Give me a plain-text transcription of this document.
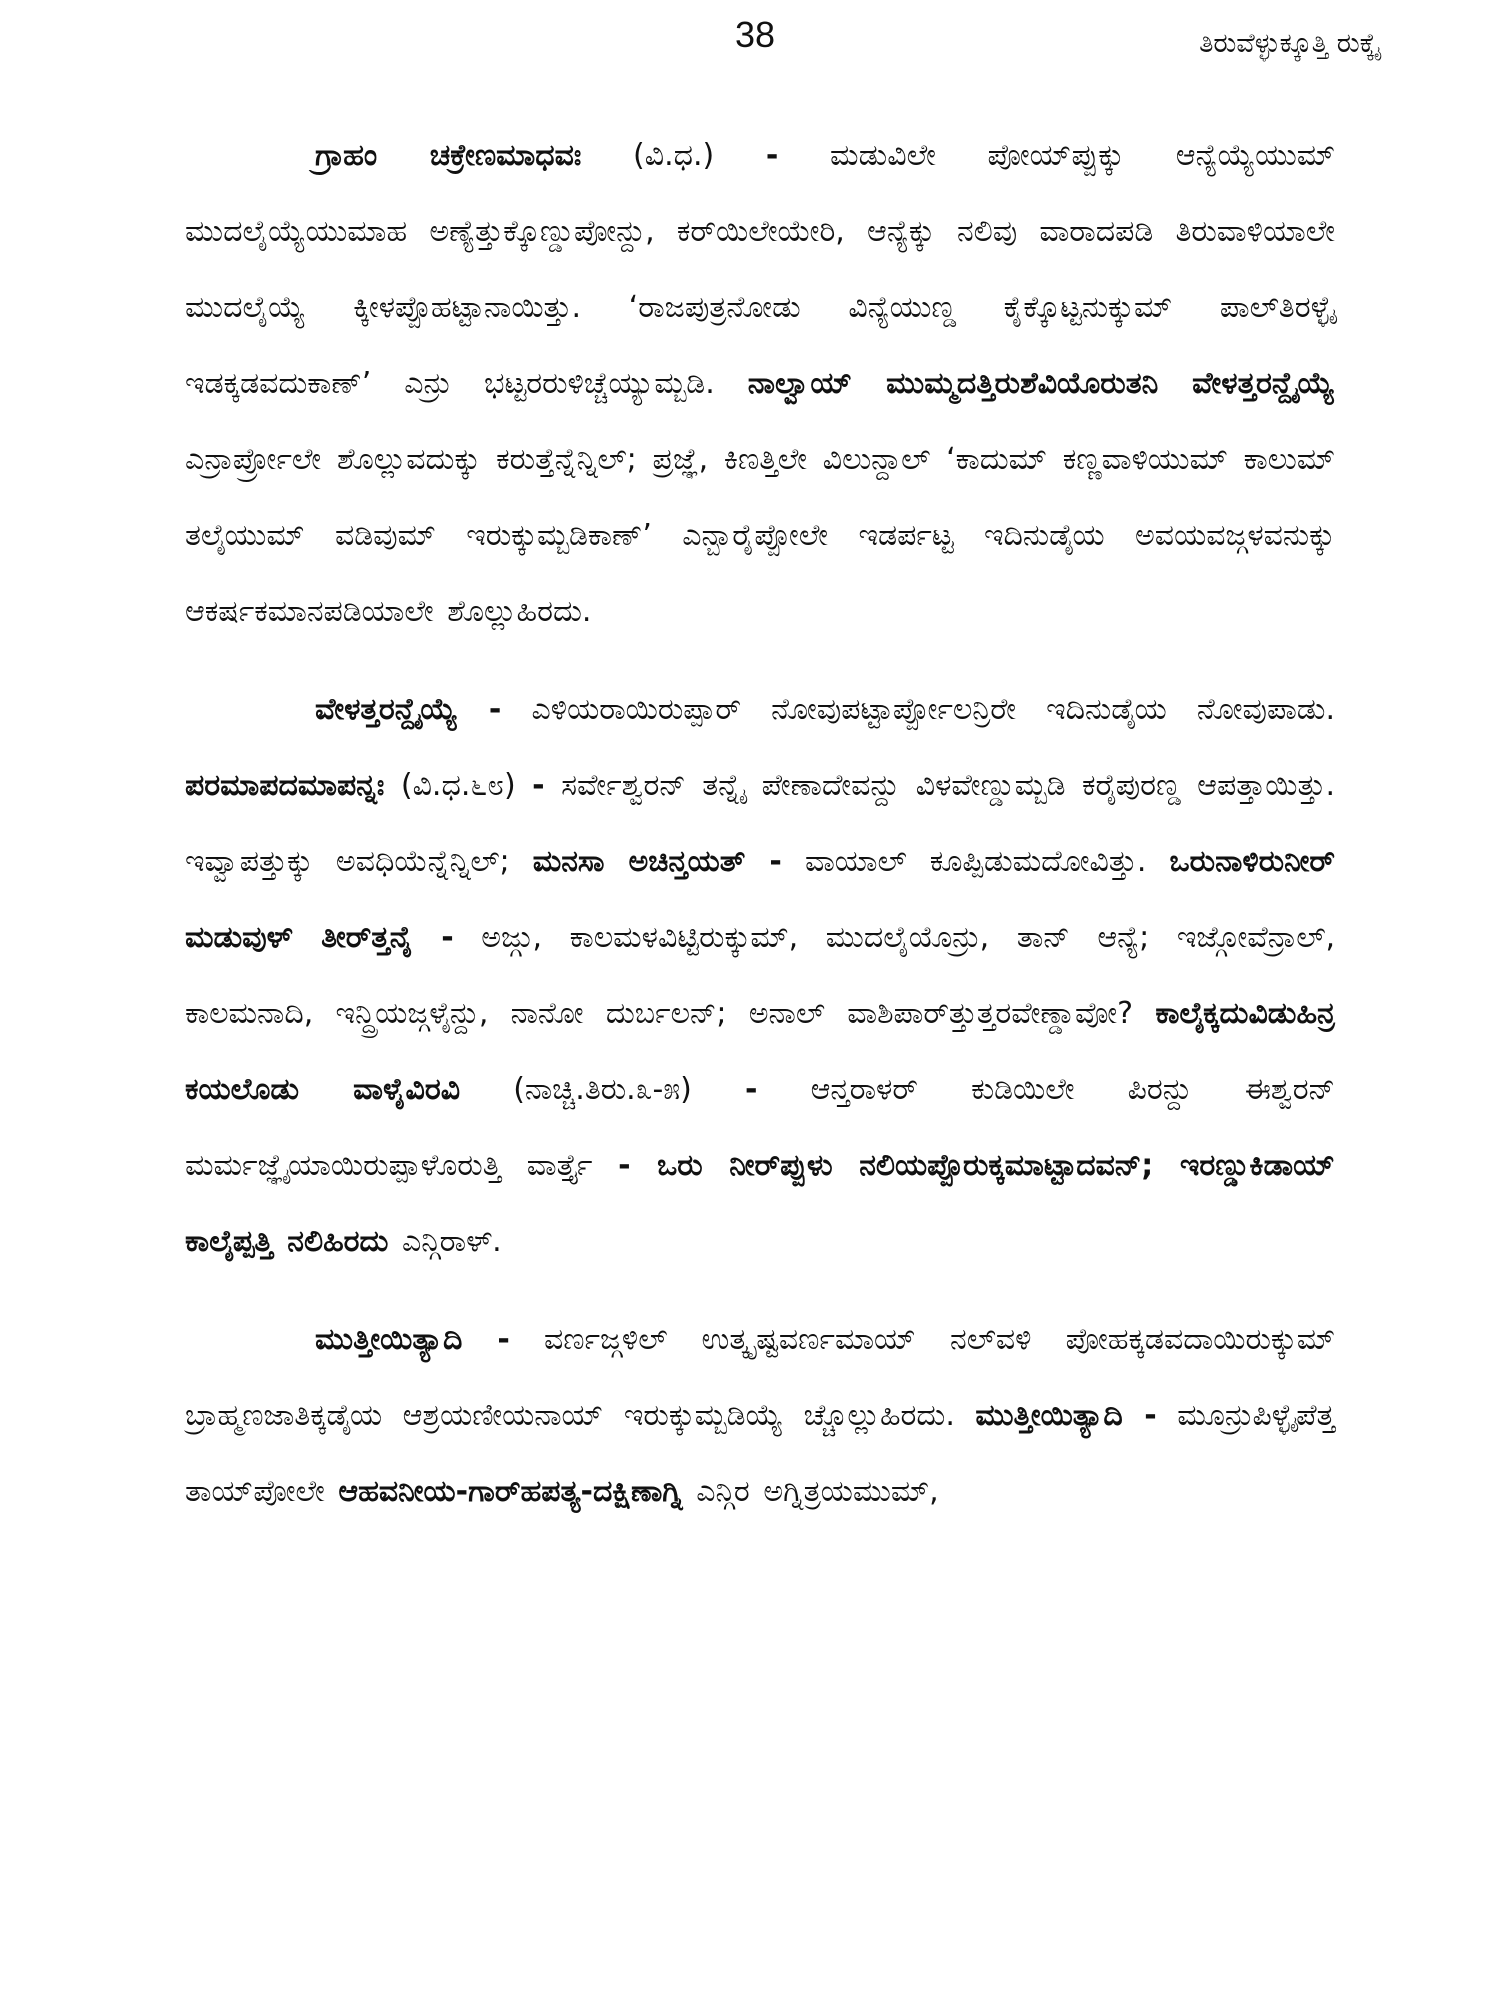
38	ತಿರುವೆಳ್ಳುಕ್ಕೂತ್ತಿ ರುಕ್ಕೈ

ಗ್ರಾಹಂ ಚಕ್ರೇಣಮಾಧವಃ (ವಿ.ಧ.) - ಮಡುವಿಲೇ ಪೋಯ್‌ಪ್ಪುಕ್ಕು ಆನ್ಯೆಯ್ಯೆಯುಮ್ ಮುದಲೈಯ್ಯೆಯುಮಾಹ ಅಣ್ಯೆತ್ತುಕ್ಕೊಣ್ಡುಪೋನ್ದು, ಕರ್‌ಯಿಲೇಯೇರಿ, ಆನ್ಯೆಕ್ಕು ನಲಿವು ವಾರಾದಪಡಿ ತಿರುವಾಳಿಯಾಲೇ ಮುದಲೈಯ್ಯೆ ಕ್ಕೀಳಪ್ಪೊಹಟ್ಟಾನಾಯಿತ್ತು. ‘ರಾಜಪುತ್ರನೋಡು ವಿನ್ಯೆಯುಣ್ಡ ಕೈಕ್ಕೊಟ್ಟನುಕ್ಕುಮ್ ಪಾಲ್‌ತಿರಳ್ಳೈ ಇಡಕ್ಕಡವದುಕಾಣ್’ ಎನ್ರು ಭಟ್ಟರರುಳಿಚ್ಚೆಯ್ಯುಮ್ಬಡಿ. ನಾಲ್ವಾಯ್ ಮುಮ್ಮದತ್ತಿರುಶೆವಿಯೊರುತನಿ ವೇಳತ್ತರನ್ದೈಯ್ಯೆ ಎನ್ರಾರ್ಪ್ರೋಲೇ ಶೊಲ್ಲುವದುಕ್ಕು ಕರುತ್ತೆನ್ನೆನ್ನಿಲ್; ಪ್ರಜ್ಞೆ, ಕಿಣತ್ತಿಲೇ ವಿಲುನ್ದಾಲ್ ‘ಕಾದುಮ್ ಕಣ್ಣವಾಳಿಯುಮ್ ಕಾಲುಮ್ ತಲೈಯುಮ್ ವಡಿವುಮ್ ಇರುಕ್ಕುಮ್ಬಡಿಕಾಣ್’ ಎನ್ಬಾರೈಪ್ಪೋಲೇ ಇಡರ್ಪಟ್ಟ ಇದಿನುಡೈಯ ಅವಯವಜ್ಗಳವನುಕ್ಕು ಆಕರ್ಷಕಮಾನಪಡಿಯಾಲೇ ಶೊಲ್ಲುಹಿರದು.

ವೇಳತ್ತರನ್ದೈಯ್ಯೆ - ಎಳಿಯರಾಯಿರುಪ್ಪಾರ್ ನೋವುಪಟ್ಟಾರ್ಪ್ಪೋಲನ್ರಿರೇ ಇದಿನುಡೈಯ ನೋವುಪಾಡು. ಪರಮಾಪದಮಾಪನ್ನಃ (ವಿ.ಧ.೬೮) - ಸರ್ವೇಶ್ವರನ್ ತನ್ನೈ ಪೇಣಾದೇವನ್ದು ವಿಳವೇಣ್ಡುಮ್ಬಡಿ ಕರೈಪುರಣ್ಡ ಆಪತ್ತಾಯಿತ್ತು. ಇವ್ವಾಪತ್ತುಕ್ಕು ಅವಧಿಯೆನ್ನೆನ್ನಿಲ್; ಮನಸಾ ಅಚಿನ್ತಯತ್ - ವಾಯಾಲ್ ಕೂಪ್ಪಿಡುಮದೋವಿತ್ತು. ಒರುನಾಳಿರುನೀರ್ ಮಡುವುಳ್ ತೀರ್‌ತ್ತನೈ - ಅಜ್ಗು, ಕಾಲಮಳವಿಟ್ಟಿರುಕ್ಕುಮ್, ಮುದಲೈಯೊನ್ರು, ತಾನ್ ಆನ್ಯೆ; ಇಜ್ಗೋವೆನ್ರಾಲ್, ಕಾಲಮನಾದಿ, ಇನ್ದ್ರಿಯಜ್ಗಳೈನ್ದು, ನಾನೋ ದುರ್ಬಲನ್; ಅನಾಲ್ ವಾಶಿಪಾರ್‌ತ್ತುತ್ತರವೇಣ್ಡಾವೋ? ಕಾಲೈಕ್ಕದುವಿಡುಹಿನ್ರ ಕಯಲೊಡು ವಾಳೈವಿರವಿ (ನಾಚ್ಚಿ.ತಿರು.೩-೫) - ಆನ್ತರಾಳರ್ ಕುಡಿಯಿಲೇ ಪಿರನ್ದು ಈಶ್ವರನ್ ಮರ್ಮಜ್ಞೈಯಾಯಿರುಪ್ಪಾಳೊರುತ್ತಿ ವಾರ್ತ್ತೈ - ಒರು ನೀರ್‌ಪ್ಪುಳು ನಲಿಯಪ್ಪೊರುಕ್ಕಮಾಟ್ಟಾದವನ್; ಇರಣ್ಡುಕಿಡಾಯ್ ಕಾಲೈಪ್ಪತ್ತಿ ನಲಿಹಿರದು ಎನ್ಗಿರಾಳ್.

ಮುತ್ತೀಯಿತ್ಯಾದಿ - ವರ್ಣಜ್ಗಳಿಲ್ ಉತ್ಕೃಷ್ಟವರ್ಣಮಾಯ್ ನಲ್‌ವಳಿ ಪೋಹಕ್ಕಡವದಾಯಿರುಕ್ಕುಮ್ ಬ್ರಾಹ್ಮಣಜಾತಿಕ್ಕಡೈಯ ಆಶ್ರಯಣೀಯನಾಯ್ ಇರುಕ್ಕುಮ್ಬಡಿಯ್ಯೆ ಚ್ಚೊಲ್ಲುಹಿರದು. ಮುತ್ತೀಯಿತ್ಯಾದಿ - ಮೂನ್ರುಪಿಳ್ಳೈಪೆತ್ತ ತಾಯ್‌ಪೋಲೇ ಆಹವನೀಯ-ಗಾರ್‌ಹಪತ್ಯ-ದಕ್ಷಿಣಾಗ್ನಿ ಎನ್ಗಿರ ಅಗ್ನಿತ್ರಯಮುಮ್,
